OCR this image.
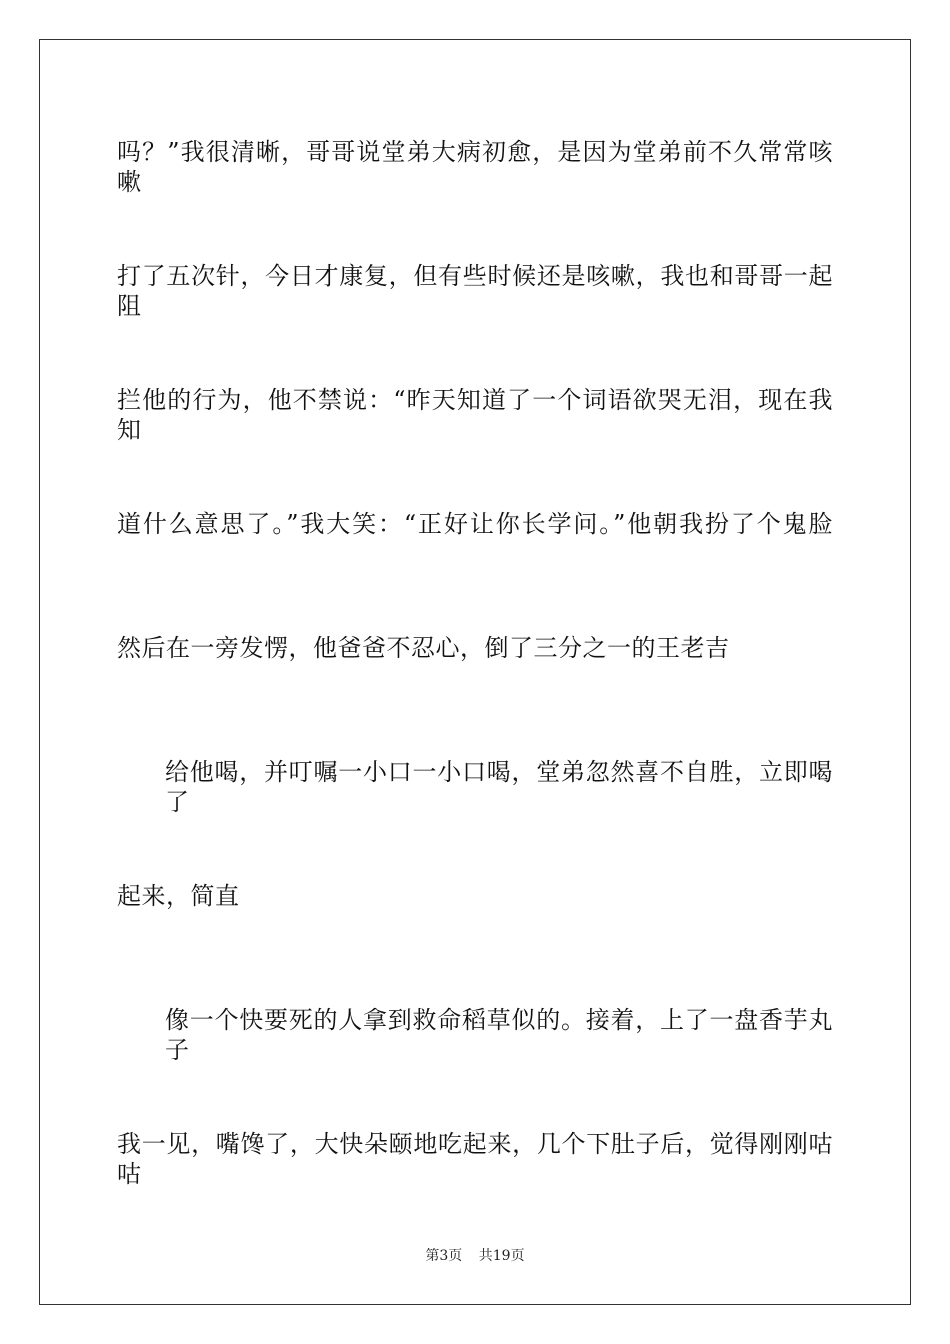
吗？”我很清晰，哥哥说堂弟大病初愈，是因为堂弟前不久常常咳嗽
打了五次针，今日才康复，但有些时候还是咳嗽，我也和哥哥一起阻
拦他的行为，他不禁说：“昨天知道了一个词语欲哭无泪，现在我知
道什么意思了。”我大笑：“正好让你长学问。”他朝我扮了个鬼脸
然后在一旁发愣，他爸爸不忍心，倒了三分之一的王老吉
给他喝，并叮嘱一小口一小口喝，堂弟忽然喜不自胜，立即喝了
起来，简直
像一个快要死的人拿到救命稻草似的。接着，上了一盘香芋丸子
我一见，嘴馋了，大快朵颐地吃起来，几个下肚子后，觉得刚刚咕咕
第3页 共19页
